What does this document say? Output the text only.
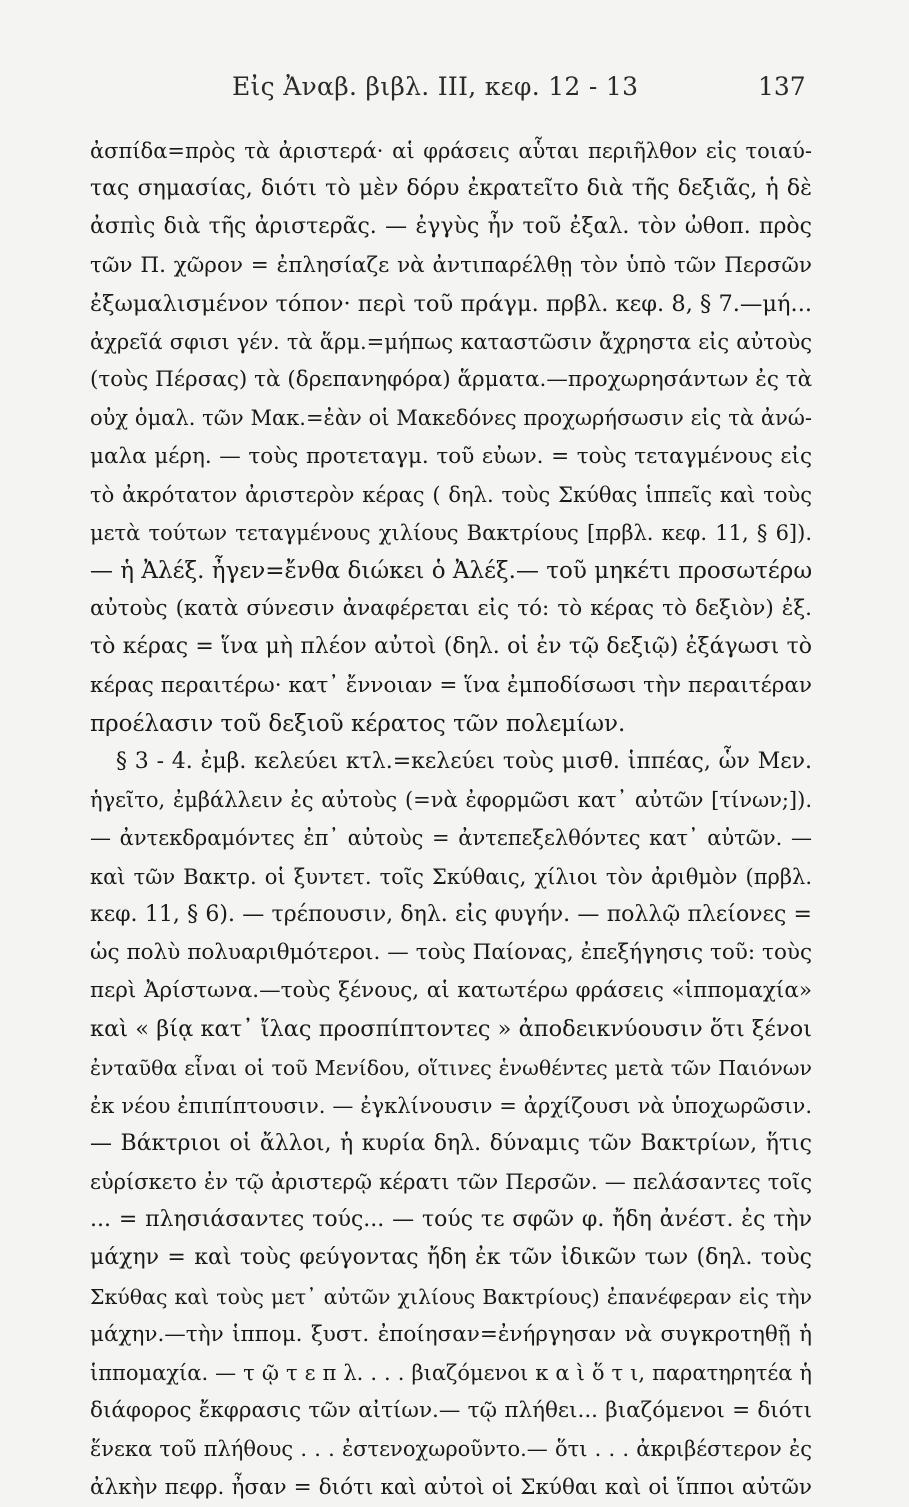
Εἰς Ἀναβ. βιβλ. ΙΙΙ, κεφ. 12 - 13	137
ἀσπίδα=πρὸς τὰ ἀριστερά· αἱ φράσεις αὗται περιῆλθον εἰς τοιαύ-
τας σημασίας, διότι τὸ μὲν δόρυ ἐκρατεῖτο διὰ τῆς δεξιᾶς, ἡ δὲ
ἀσπὶς διὰ τῆς ἀριστερᾶς. — ἐγγὺς ἦν τοῦ ἐξαλ. τὸν ὠθοπ. πρὸς
τῶν Π. χῶρον = ἐπλησίαζε νὰ ἀντιπαρέλθῃ τὸν ὑπὸ τῶν Περσῶν
ἐξωμαλισμένον τόπον· περὶ τοῦ πράγμ. πρβλ. κεφ. 8, § 7.—μή...
ἀχρεῖά σφισι γέν. τὰ ἅρμ.=μήπως καταστῶσιν ἄχρηστα εἰς αὐτοὺς
(τοὺς Πέρσας) τὰ (δρεπανηφόρα) ἅρματα.—προχωρησάντων ἐς τὰ
οὐχ ὁμαλ. τῶν Μακ.=ἐὰν οἱ Μακεδόνες προχωρήσωσιν εἰς τὰ ἀνώ-
μαλα μέρη. — τοὺς προτεταγμ. τοῦ εὐων. = τοὺς τεταγμένους εἰς
τὸ ἀκρότατον ἀριστερὸν κέρας ( δηλ. τοὺς Σκύθας ἱππεῖς καὶ τοὺς
μετὰ τούτων τεταγμένους χιλίους Βακτρίους [πρβλ. κεφ. 11, § 6]).
— ἡ Ἀλέξ. ἦγεν=ἔνθα διώκει ὁ Ἀλέξ.— τοῦ μηκέτι προσωτέρω
αὐτοὺς (κατὰ σύνεσιν ἀναφέρεται εἰς τό: τὸ κέρας τὸ δεξιὸν) ἐξ.
τὸ κέρας = ἵνα μὴ πλέον αὐτοὶ (δηλ. οἱ ἐν τῷ δεξιῷ) ἐξάγωσι τὸ
κέρας περαιτέρω· κατ᾿ ἔννοιαν = ἵνα ἐμποδίσωσι τὴν περαιτέραν
προέλασιν τοῦ δεξιοῦ κέρατος τῶν πολεμίων.
§ 3 - 4. ἐμβ. κελεύει κτλ.=κελεύει τοὺς μισθ. ἱππέας, ὧν Μεν.
ἡγεῖτο, ἐμβάλλειν ἐς αὐτοὺς (=νὰ ἐφορμῶσι κατ᾿ αὐτῶν [τίνων;]).
— ἀντεκδραμόντες ἐπ᾿ αὐτοὺς = ἀντεπεξελθόντες κατ᾿ αὐτῶν. —
καὶ τῶν Βακτρ. οἱ ξυντετ. τοῖς Σκύθαις, χίλιοι τὸν ἀριθμὸν (πρβλ.
κεφ. 11, § 6). — τρέπουσιν, δηλ. εἰς φυγήν. — πολλῷ πλείονες =
ὡς πολὺ πολυαριθμότεροι. — τοὺς Παίονας, ἐπεξήγησις τοῦ: τοὺς
περὶ Ἀρίστωνα.—τοὺς ξένους, αἱ κατωτέρω φράσεις «ἱππομαχία»
καὶ « βίᾳ κατ᾿ ἴλας προσπίπτοντες » ἀποδεικνύουσιν ὅτι ξένοι
ἐνταῦθα εἶναι οἱ τοῦ Μενίδου, οἵτινες ἑνωθέντες μετὰ τῶν Παιόνων
ἐκ νέου ἐπιπίπτουσιν. — ἐγκλίνουσιν = ἀρχίζουσι νὰ ὑποχωρῶσιν.
— Βάκτριοι οἱ ἄλλοι, ἡ κυρία δηλ. δύναμις τῶν Βακτρίων, ἥτις
εὑρίσκετο ἐν τῷ ἀριστερῷ κέρατι τῶν Περσῶν. — πελάσαντες τοῖς
... = πλησιάσαντες τούς... — τούς τε σφῶν φ. ἤδη ἀνέστ. ἐς τὴν
μάχην = καὶ τοὺς φεύγοντας ἤδη ἐκ τῶν ἰδικῶν των (δηλ. τοὺς
Σκύθας καὶ τοὺς μετ᾿ αὐτῶν χιλίους Βακτρίους) ἐπανέφεραν εἰς τὴν
μάχην.—τὴν ἱππομ. ξυστ. ἐποίησαν=ἐνήργησαν νὰ συγκροτηθῇ ἡ
ἱππομαχία. — τ ῷ τ ε π λ. . . . βιαζόμενοι κ α ὶ ὅ τ ι, παρατηρητέα ἡ
διάφορος ἔκφρασις τῶν αἰτίων.— τῷ πλήθει... βιαζόμενοι = διότι
ἕνεκα τοῦ πλήθους . . . ἐστενοχωροῦντο.— ὅτι . . . ἀκριβέστερον ἐς
ἀλκὴν πεφρ. ἦσαν = διότι καὶ αὐτοὶ οἱ Σκύθαι καὶ οἱ ἵπποι αὐτῶν
